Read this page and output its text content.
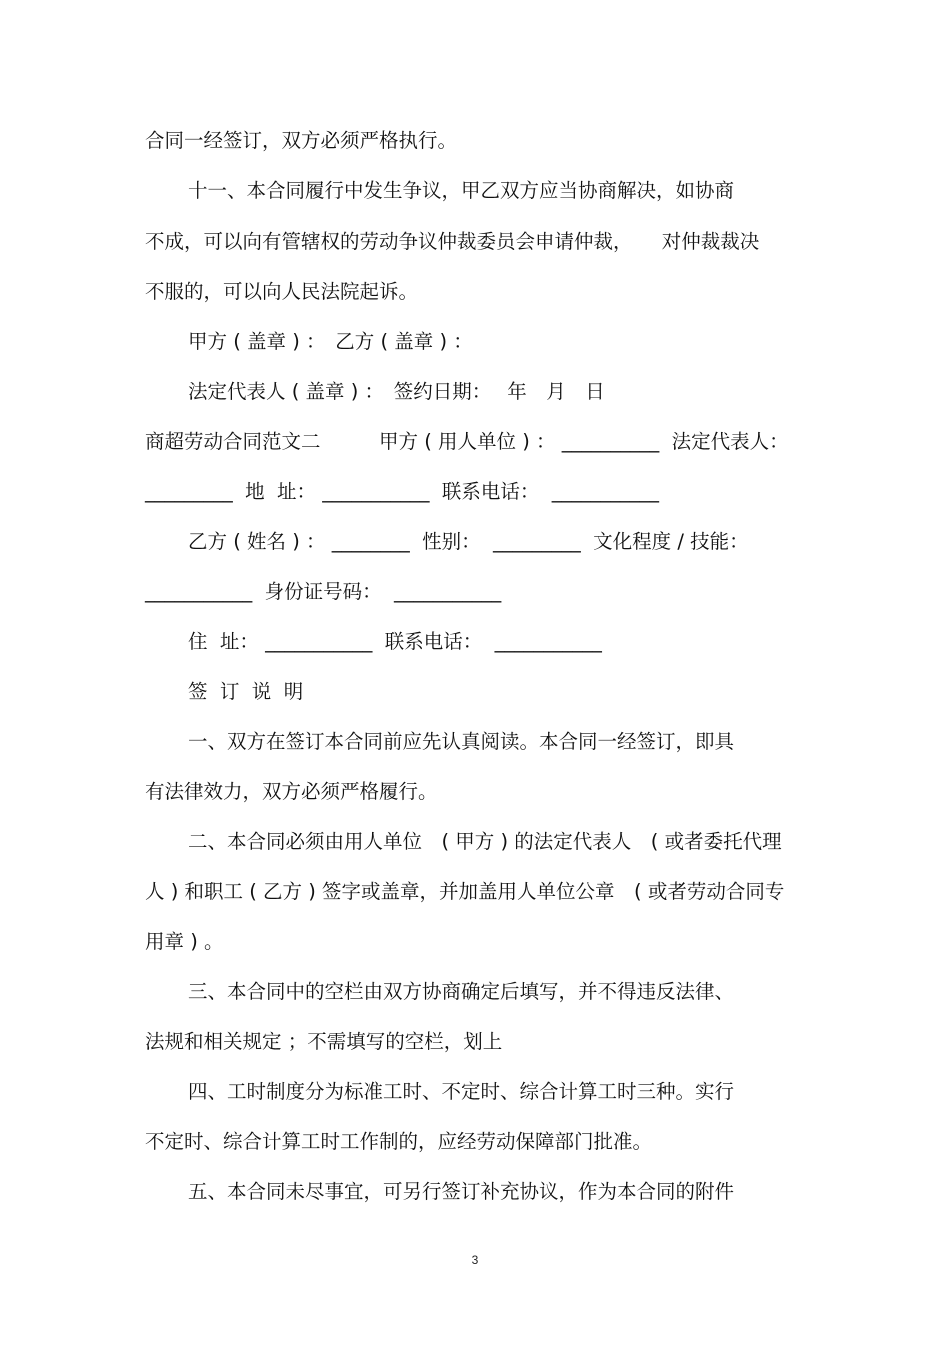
合同一经签订，双方必须严格执行。
十一、本合同履行中发生争议，甲乙双方应当协商解决，如协商
不成，可以向有管辖权的劳动争议仲裁委员会申请仲裁，　　对仲裁裁决
不服的，可以向人民法院起诉。
甲方 ( 盖章 ) ：　乙方 ( 盖章 ) ：
法定代表人 ( 盖章 ) ：　签约日期：　 年　月　日
商超劳动合同范文二　　　甲方 ( 用人单位 ) ： __________  法定代表人：
_________  地  址： ___________  联系电话：  ___________
乙方 ( 姓名 ) ： ________  性别：  _________  文化程度 / 技能：
___________  身份证号码：  ___________
住  址： ___________  联系电话：  ___________
签  订  说  明
一、双方在签订本合同前应先认真阅读。本合同一经签订，即具
有法律效力，双方必须严格履行。
二、本合同必须由用人单位　( 甲方 ) 的法定代表人　( 或者委托代理
人 ) 和职工 ( 乙方 ) 签字或盖章，并加盖用人单位公章　( 或者劳动合同专
用章 ) 。
三、本合同中的空栏由双方协商确定后填写，并不得违反法律、
法规和相关规定 ；不需填写的空栏，划上
四、工时制度分为标准工时、不定时、综合计算工时三种。实行
不定时、综合计算工时工作制的，应经劳动保障部门批准。
五、本合同未尽事宜，可另行签订补充协议，作为本合同的附件
3
